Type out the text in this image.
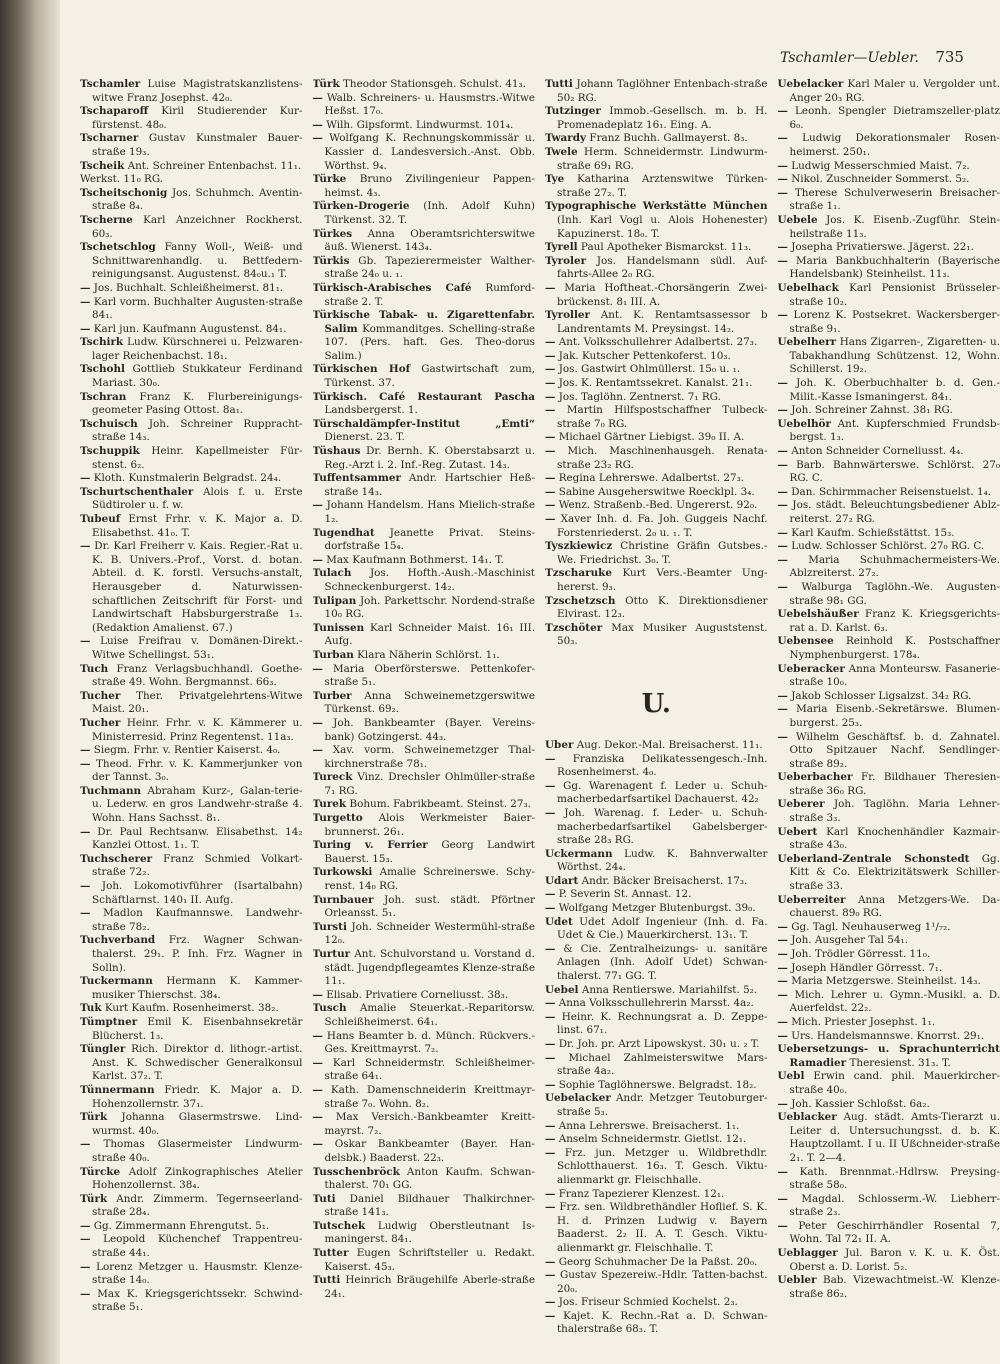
Tschamler—Uebler. 735

Tschamler Luise Magistratskanzlistens-witwe Franz Josephst. 42₀.

Tschaparoff Kiril Studierender Kur-fürstenst. 48₀.

Tscharner Gustav Kunstmaler Bauer-straße 19₃.

Tscheik Ant. Schreiner Entenbachst. 11₁.

Werkst. 11₀ RG.

Tscheitschonig Jos. Schuhmch. Aventin-straße 8₄.

Tscherne Karl Anzeichner Rockherst. 60₃.

Tschetschlog Fanny Woll-, Weiß- und Schnittwarenhandlg. u. Bettfedern-reinigungsanst. Augustenst. 84₀u.₁ T.

— Jos. Buchhalt. Schleißheimerst. 81₁.

— Karl vorm. Buchhalter Augusten-straße 84₁.

— Karl jun. Kaufmann Augustenst. 84₁.

Tschirk Ludw. Kürschnerei u. Pelzwaren-lager Reichenbachst. 18₁.

Tschohl Gottlieb Stukkateur Ferdinand Mariast. 30₀.

Tschran Franz K. Flurbereinigungs-geometer Pasing Ottost. 8a₁.

Tschuisch Joh. Schreiner Ruppracht-straße 14₃.

Tschuppik Heinr. Kapellmeister Für-stenst. 6₂.

— Kloth. Kunstmalerin Belgradst. 24₄.

Tschurtschenthaler Alois f. u. Erste Südtiroler u. f. w.

Tubeuf Ernst Frhr. v. K. Major a. D. Elisabethst. 41₀. T.

— Dr. Karl Freiherr v. Kais. Regier.-Rat u. K. B. Univers.-Prof., Vorst. d. botan. Abteil. d. K. forstl. Versuchs-anstalt, Herausgeber d. Naturwissen-schaftlichen Zeitschrift für Forst- und Landwirtschaft Habsburgerstraße 1₃. (Redaktion Amalienst. 67.)

— Luise Freifrau v. Domänen-Direkt.-Witwe Schellingst. 53₁.

Tuch Franz Verlagsbuchhandl. Goethe-straße 49. Wohn. Bergmannst. 66₃.

Tucher Ther. Privatgelehrtens-Witwe Maist. 20₁.

Tucher Heinr. Frhr. v. K. Kämmerer u. Ministerresid. Prinz Regentenst. 11a₃.

— Siegm. Frhr. v. Rentier Kaiserst. 4₀.

— Theod. Frhr. v. K. Kammerjunker von der Tannst. 3₀.

Tuchmann Abraham Kurz-, Galan-terie- u. Lederw. en gros Landwehr-straße 4. Wohn. Hans Sachsst. 8₁.

— Dr. Paul Rechtsanw. Elisabethst. 14₂ Kanzlei Ottost. 1₁. T.

Tuchscherer Franz Schmied Volkart-straße 72₂.

— Joh. Lokomotivführer (Isartalbahn) Schäftlarnst. 140₁ II. Aufg.

— Madlon Kaufmannswe. Landwehr-straße 78₂.

Tuchverband Frz. Wagner Schwan-thalerst. 29₁. P. Inh. Frz. Wagner in Solln).

Tuckermann Hermann K. Kammer-musiker Thierschst. 38₄.

Tuk Kurt Kaufm. Rosenheimerst. 38₂.

Tümptner Emil K. Eisenbahnsekretär Blücherst. 1₃.

Tüngler Rich. Direktor d. lithogr.-artist. Anst. K. Schwedischer Generalkonsul Karlst. 37₂. T.

Tünnermann Friedr. K. Major a. D. Hohenzollernstr. 37₁.

Türk Johanna Glasermstrswe. Lind-wurmst. 40₀.

— Thomas Glasermeister Lindwurm-straße 40₀.

Türcke Adolf Zinkographisches Atelier Hohenzollernst. 38₄.

Türk Andr. Zimmerm. Tegernseerland-straße 28₄.

— Gg. Zimmermann Ehrengutst. 5₁.

— Leopold Küchenchef Trappentreu-straße 44₁.

— Lorenz Metzger u. Hausmstr. Klenze-straße 14₀.

— Max K. Kriegsgerichtssekr. Schwind-straße 5₁.

Türk Theodor Stationsgeh. Schulst. 41₃.

— Walb. Schreiners- u. Hausmstrs.-Witwe Heßst. 17₀.

— Wilh. Gipsformt. Lindwurmst. 101₄.

— Wolfgang K. Rechnungskommissär u. Kassier d. Landesversich.-Anst. Obb. Wörthst. 9₄.

Türke Bruno Zivilingenieur Pappen-heimst. 4₃.

Türken-Drogerie (Inh. Adolf Kuhn) Türkenst. 32. T.

Türkes Anna Oberamtsrichterswitwe äuß. Wienerst. 143₄.

Türkis Gb. Tapezierermeister Walther-straße 24₀ u. ₁.

Türkisch-Arabisches Café Rumford-straße 2. T.

Türkische Tabak- u. Zigarettenfabr. Salim Kommanditges. Schelling-straße 107. (Pers. haft. Ges. Theo-dorus Salim.)

Türkischen Hof Gastwirtschaft zum, Türkenst. 37.

Türkisch. Café Restaurant Pascha Landsbergerst. 1.

Türschaldämpfer-Institut „Emti“ Dienerst. 23. T.

Tüshaus Dr. Bernh. K. Oberstabsarzt u. Reg.-Arzt i. 2. Inf.-Reg. Zutast. 14₃.

Tuffentsammer Andr. Hartschier Heß-straße 14₃.

— Johann Handelsm. Hans Mielich-straße 1₂.

Tugendhat Jeanette Privat. Steins-dorfstraße 15₄.

— Max Kaufmann Bothmerst. 14₁. T.

Tulach Jos. Hofth.-Aush.-Maschinist Schneckenburgerst. 14₂.

Tulipan Joh. Parkettschr. Nordend-straße 10₀ RG.

Tunissen Karl Schneider Maist. 16₁ III. Aufg.

Turban Klara Näherin Schlörst. 1₁.

— Maria Oberförsterswe. Pettenkofer-straße 5₁.

Turber Anna Schweinemetzgerswitwe Türkenst. 69₂.

— Joh. Bankbeamter (Bayer. Vereins-bank) Gotzingerst. 44₃.

— Xav. vorm. Schweinemetzger Thal-kirchnerstraße 78₁.

Tureck Vinz. Drechsler Ohlmüller-straße 7₁ RG.

Turek Bohum. Fabrikbeamt. Steinst. 27₃.

Turgetto Alois Werkmeister Baier-brunnerst. 26₁.

Turing v. Ferrier Georg Landwirt Bauerst. 15₃.

Turkowski Amalie Schreinerswe. Schy-renst. 14₀ RG.

Turnbauer Joh. sust. städt. Pförtner Orleansst. 5₁.

Tursti Joh. Schneider Westermühl-straße 12₀.

Turtur Ant. Schulvorstand u. Vorstand d. städt. Jugendpflegeamtes Klenze-straße 11₁.

— Elisab. Privatiere Corneliusst. 38₃.

Tusch Amalie Steuerkat.-Reparitorsw. Schleißheimerst. 64₁.

— Hans Beamter b. d. Münch. Rückvers.-Ges. Kreittmayrst. 7₂.

— Karl Schneidermstr. Schleißheimer-straße 64₁.

— Kath. Damenschneiderin Kreittmayr-straße 7₀. Wohn. 8₂.

— Max Versich.-Bankbeamter Kreitt-mayrst. 7₂.

— Oskar Bankbeamter (Bayer. Han-delsbk.) Baaderst. 22₃.

Tusschenbröck Anton Kaufm. Schwan-thalerst. 70₁ GG.

Tuti Daniel Bildhauer Thalkirchner-straße 141₃.

Tutschek Ludwig Oberstleutnant Is-maningerst. 84₁.

Tutter Eugen Schriftsteller u. Redakt. Kaiserst. 45₃.

Tutti Heinrich Bräugehilfe Aberle-straße 24₁.

Tutti Johann Taglöhner Entenbach-straße 50₂ RG.

Tutzinger Immob.-Gesellsch. m. b. H. Promenadeplatz 16₁. Eing. A.

Twardy Franz Buchh. Gallmayerst. 8₃.

Twele Herm. Schneidermstr. Lindwurm-straße 69₁ RG.

Tye Katharina Arztenswitwe Türken-straße 27₂. T.

Typographische Werkstätte München (Inh. Karl Vogl u. Alois Hohenester) Kapuzinerst. 18₀. T.

Tyrell Paul Apotheker Bismarckst. 11₃.

Tyroler Jos. Handelsmann südl. Auf-fahrts-Allee 2₀ RG.

— Maria Hoftheat.-Chorsängerin Zwei-brückenst. 8₁ III. A.

Tyroller Ant. K. Rentamtsassessor b Landrentamts M. Preysingst. 14₂.

— Ant. Volksschullehrer Adalbertst. 27₃.

— Jak. Kutscher Pettenkoferst. 10₃.

— Jos. Gastwirt Ohlmüllerst. 15₀ u. ₁.

— Jos. K. Rentamtssekret. Kanalst. 21₁.

— Jos. Taglöhn. Zentnerst. 7₁ RG.

— Martin Hilfspostschaffner Tulbeck-straße 7₀ RG.

— Michael Gärtner Liebigst. 39₀ II. A.

— Mich. Maschinenhausgeh. Renata-straße 23₂ RG.

— Regina Lehrerswe. Adalbertst. 27₃.

— Sabine Ausgeherswitwe Roecklpl. 3₄.

— Wenz. Straßenb.-Bed. Ungererst. 92₀.

— Xaver Inh. d. Fa. Joh. Guggeis Nachf. Forstenriederst. 2₀ u. ₁. T.

Tyszkiewicz Christine Gräfin Gutsbes.-We. Friedrichst. 3₀. T.

Tzscharuke Kurt Vers.-Beamter Ung-hererst. 9₃.

Tzschetzsch Otto K. Direktionsdiener Elvirast. 12₃.

Tzschöter Max Musiker Auguststenst. 50₃.

U.

Uber Aug. Dekor.-Mal. Breisacherst. 11₁.

— Franziska Delikatessengesch.-Inh. Rosenheimerst. 4₀.

— Gg. Warenagent f. Leder u. Schuh-macherbedarfsartikel Dachauerst. 42₂

— Joh. Warenag. f. Leder- u. Schuh-macherbedarfsartikel Gabelsberger-straße 28₃ RG.

Uckermann Ludw. K. Bahnverwalter Wörthst. 24₄.

Udart Andr. Bäcker Breisacherst. 17₃.

— P. Severin St. Annast. 12.

— Wolfgang Metzger Blutenburgst. 39₀.

Udet Udet Adolf Ingenieur (Inh. d. Fa. Udet & Cie.) Mauerkircherst. 13₁. T.

— & Cie. Zentralheizungs- u. sanitäre Anlagen (Inh. Adolf Udet) Schwan-thalerst. 77₁ GG. T.

Uebel Anna Rentierswe. Mariahilfst. 5₂.

— Anna Volksschullehrerin Marsst. 4a₂.

— Heinr. K. Rechnungsrat a. D. Zeppe-linst. 67₁.

— Dr. Joh. pr. Arzt Lipowskyst. 30₁ u. ₂ T.

— Michael Zahlmeisterswitwe Mars-straße 4a₂.

— Sophie Taglöhnerswe. Belgradst. 18₂.

Uebelacker Andr. Metzger Teutoburger-straße 5₃.

— Anna Lehrerswe. Breisacherst. 1₁.

— Anselm Schneidermstr. Gietlst. 12₁.

— Frz. jun. Metzger u. Wildbrethdlr. Schlotthauerst. 16₃. T. Gesch. Viktu-alienmarkt gr. Fleischhalle.

— Franz Tapezierer Klenzest. 12₁.

— Frz. sen. Wildbrethändler Hoflief. S. K. H. d. Prinzen Ludwig v. Bayern Baaderst. 2₂ II. A. T. Gesch. Viktu-alienmarkt gr. Fleischhalle. T.

— Georg Schuhmacher De la Paßst. 20₀.

— Gustav Spezereiw.-Hdlr. Tatten-bachst. 20₀.

— Jos. Friseur Schmied Kochelst. 2₃.

— Kajet. K. Rechn.-Rat a. D. Schwan-thalerstraße 68₃. T.

Uebelacker Karl Maler u. Vergolder unt. Anger 20₃ RG.

— Leonh. Spengler Dietramszeller-platz 6₀.

— Ludwig Dekorationsmaler Rosen-heimerst. 250₁.

— Ludwig Messerschmied Maist. 7₂.

— Nikol. Zuschneider Sommerst. 5₂.

— Therese Schulverweserin Breisacher-straße 1₁.

Uebele Jos. K. Eisenb.-Zugführ. Stein-heilstraße 11₃.

— Josepha Privatierswe. Jägerst. 22₁.

— Maria Bankbuchhalterin (Bayerische Handelsbank) Steinheilst. 11₃.

Uebelhack Karl Pensionist Brüsseler-straße 10₂.

— Lorenz K. Postsekret. Wackersberger-straße 9₁.

Uebelherr Hans Zigarren-, Zigaretten- u. Tabakhandlung Schützenst. 12, Wohn. Schillerst. 19₂.

— Joh. K. Oberbuchhalter b. d. Gen.-Milit.-Kasse Ismaningerst. 84₁.

— Joh. Schreiner Zahnst. 38₁ RG.

Uebelhör Ant. Kupferschmied Frundsb-bergst. 1₃.

— Anton Schneider Corneliusst. 4₄.

— Barb. Bahnwärterswe. Schlörst. 27₀ RG. C.

— Dan. Schirmmacher Reisenstuelst. 1₄.

— Jos. städt. Beleuchtungsbediener Ablz-reiterst. 27₂ RG.

— Karl Kaufm. Schießstättst. 15₃.

— Ludw. Schlosser Schlörst. 27₀ RG. C.

— Maria Schuhmachermeisters-We. Ablzreiterst. 27₂.

— Walburga Taglöhn.-We. Augusten-straße 98₁ GG.

Uebelshäußer Franz K. Kriegsgerichts-rat a. D. Karlst. 6₃.

Uebensee Reinhold K. Postschaffner Nymphenburgerst. 178₄.

Ueberacker Anna Monteursw. Fasanerie-straße 10₀.

— Jakob Schlosser Ligsalzst. 34₂ RG.

— Maria Eisenb.-Sekretärswe. Blumen-burgerst. 25₃.

— Wilhelm Geschäftsf. b. d. Zahnatel. Otto Spitzauer Nachf. Sendlinger-straße 89₂.

Ueberbacher Fr. Bildhauer Theresien-straße 36₀ RG.

Ueberer Joh. Taglöhn. Maria Lehner-straße 3₃.

Uebert Karl Knochenhändler Kazmair-straße 43₀.

Ueberland-Zentrale Schonstedt Gg. Kitt & Co. Elektrizitätswerk Schiller-straße 33.

Ueberreiter Anna Metzgers-We. Da-chauerst. 89₀ RG.

— Gg. Tagl. Neuhauserweg 1¹/₇₂.

— Joh. Ausgeher Tal 54₁.

— Joh. Trödler Görresst. 11₀.

— Joseph Händler Görresst. 7₁.

— Maria Metzgerswe. Steinheilst. 14₃.

— Mich. Lehrer u. Gymn.-Musikl. a. D. Auerfeldst. 22₂.

— Mich. Priester Josephst. 1₁.

— Urs. Handelsmannswe. Knorrst. 29₁.

Uebersetzungs- u. Sprachunterricht Ramadier Theresienst. 31₃. T.

Uebl Erwin cand. phil. Mauerkircher-straße 40₀.

— Joh. Kassier Schloßst. 6a₂.

Ueblacker Aug. städt. Amts-Tierarzt u. Leiter d. Untersuchungsst. d. b. K. Hauptzollamt. I u. II Ußchneider-straße 2₁. T. 2—4.

— Kath. Brennmat.-Hdlrsw. Preysing-straße 58₀.

— Magdal. Schlosserm.-W. Liebherr-straße 2₃.

— Peter Geschirrhändler Rosental 7, Wohn. Tal 72₁ II. A.

Ueblagger Jul. Baron v. K. u. K. Öst. Oberst a. D. Lorist. 5₂.

Uebler Bab. Vizewachtmeist.-W. Klenze-straße 86₂.
